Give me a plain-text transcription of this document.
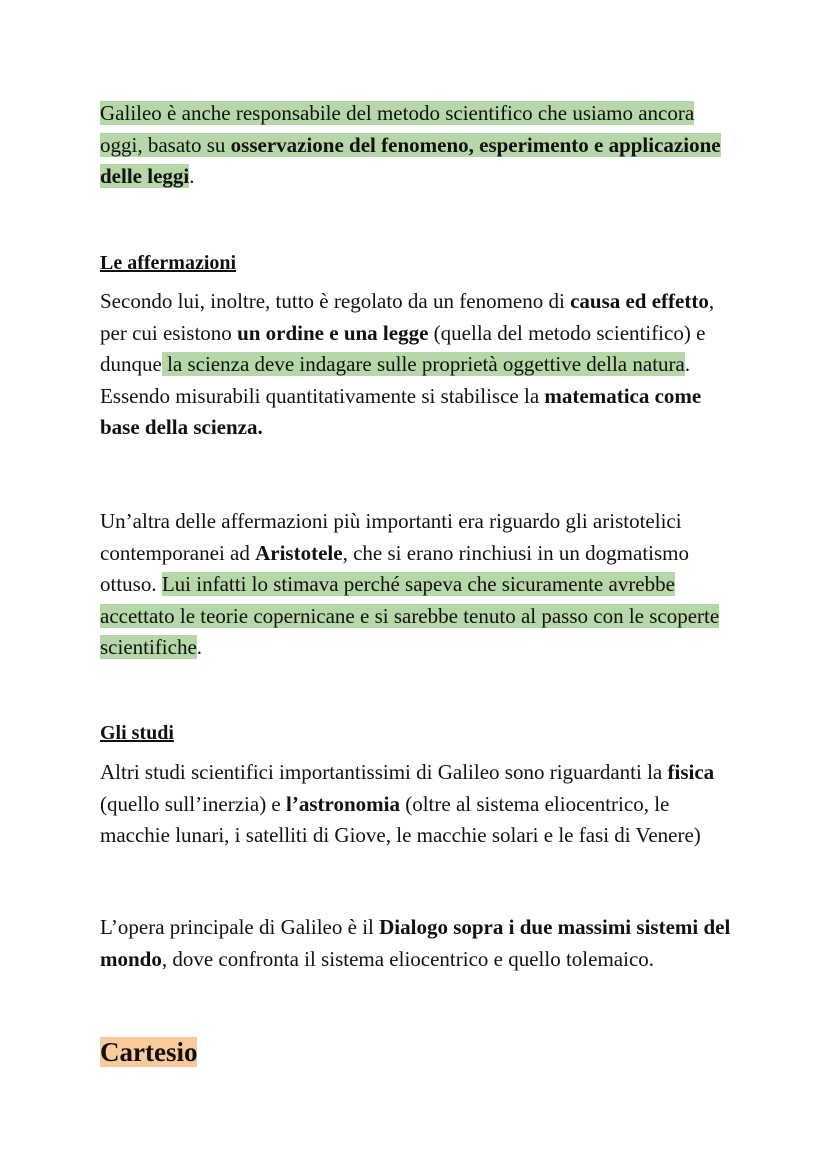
Galileo è anche responsabile del metodo scientifico che usiamo ancora oggi, basato su osservazione del fenomeno, esperimento e applicazione delle leggi.

Le affermazioni

Secondo lui, inoltre, tutto è regolato da un fenomeno di causa ed effetto, per cui esistono un ordine e una legge (quella del metodo scientifico) e dunque la scienza deve indagare sulle proprietà oggettive della natura. Essendo misurabili quantitativamente si stabilisce la matematica come base della scienza.

Un’altra delle affermazioni più importanti era riguardo gli aristotelici contemporanei ad Aristotele, che si erano rinchiusi in un dogmatismo ottuso. Lui infatti lo stimava perché sapeva che sicuramente avrebbe accettato le teorie copernicane e si sarebbe tenuto al passo con le scoperte scientifiche.

Gli studi

Altri studi scientifici importantissimi di Galileo sono riguardanti la fisica (quello sull’inerzia) e l’astronomia (oltre al sistema eliocentrico, le macchie lunari, i satelliti di Giove, le macchie solari e le fasi di Venere)

L’opera principale di Galileo è il Dialogo sopra i due massimi sistemi del mondo, dove confronta il sistema eliocentrico e quello tolemaico.

Cartesio
